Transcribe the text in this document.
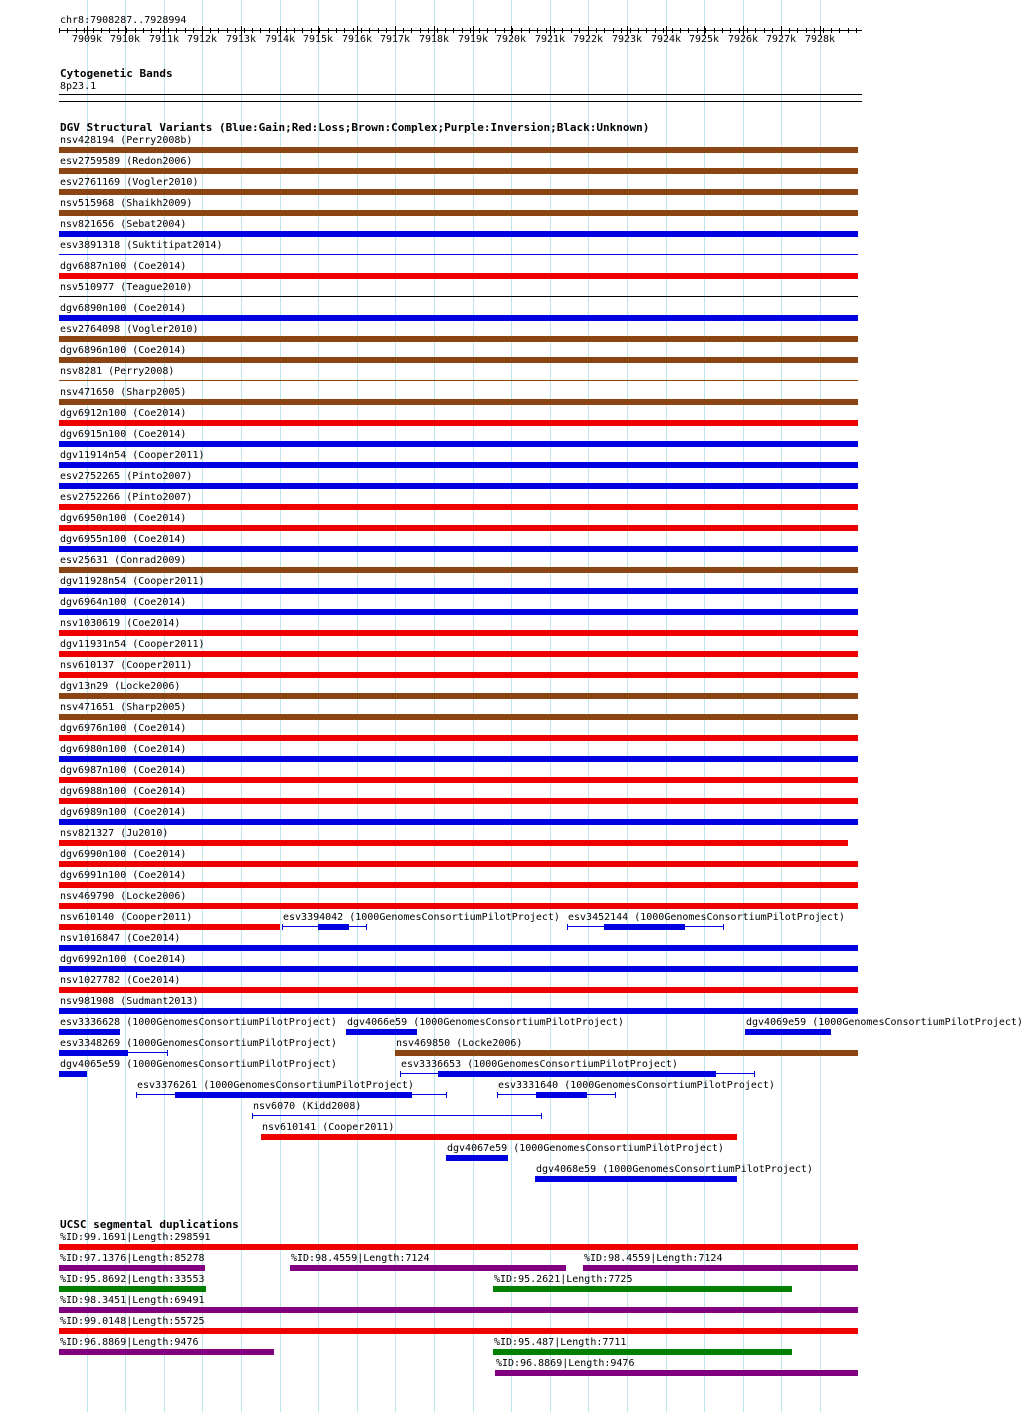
chr8:7908287..7928994
7909k 7910k 7911k 7912k 7913k 7914k 7915k 7916k 7917k 7918k 7919k 7920k 7921k 7922k 7923k 7924k 7925k 7926k 7927k 7928k
Cytogenetic Bands
8p23.1
DGV Structural Variants (Blue:Gain;Red:Loss;Brown:Complex;Purple:Inversion;Black:Unknown)
nsv428194 (Perry2008b)
esv2759589 (Redon2006)
esv2761169 (Vogler2010)
nsv515968 (Shaikh2009)
nsv821656 (Sebat2004)
esv3891318 (Suktitipat2014)
dgv6887n100 (Coe2014)
nsv510977 (Teague2010)
dgv6890n100 (Coe2014)
esv2764098 (Vogler2010)
dgv6896n100 (Coe2014)
nsv8281 (Perry2008)
nsv471650 (Sharp2005)
dgv6912n100 (Coe2014)
dgv6915n100 (Coe2014)
dgv11914n54 (Cooper2011)
esv2752265 (Pinto2007)
esv2752266 (Pinto2007)
dgv6950n100 (Coe2014)
dgv6955n100 (Coe2014)
esv25631 (Conrad2009)
dgv11928n54 (Cooper2011)
dgv6964n100 (Coe2014)
nsv1030619 (Coe2014)
dgv11931n54 (Cooper2011)
nsv610137 (Cooper2011)
dgv13n29 (Locke2006)
nsv471651 (Sharp2005)
dgv6976n100 (Coe2014)
dgv6980n100 (Coe2014)
dgv6987n100 (Coe2014)
dgv6988n100 (Coe2014)
dgv6989n100 (Coe2014)
nsv821327 (Ju2010)
dgv6990n100 (Coe2014)
dgv6991n100 (Coe2014)
nsv469790 (Locke2006)
nsv610140 (Cooper2011)	esv3394042 (1000GenomesConsortiumPilotProject) esv3452144 (1000GenomesConsortiumPilotProject)
nsv1016847 (Coe2014)
dgv6992n100 (Coe2014)
nsv1027782 (Coe2014)
nsv981908 (Sudmant2013)
esv3336628 (1000GenomesConsortiumPilotProject) dgv4066e59 (1000GenomesConsortiumPilotProject)	dgv4069e59 (1000GenomesConsortiumPilotProject)
esv3348269 (1000GenomesConsortiumPilotProject)	nsv469850 (Locke2006)
dgv4065e59 (1000GenomesConsortiumPilotProject)	esv3336653 (1000GenomesConsortiumPilotProject)
esv3376261 (1000GenomesConsortiumPilotProject)	esv3331640 (1000GenomesConsortiumPilotProject)
nsv6070 (Kidd2008)
nsv610141 (Cooper2011)
dgv4067e59 (1000GenomesConsortiumPilotProject)
dgv4068e59 (1000GenomesConsortiumPilotProject)
UCSC segmental duplications
%ID:99.1691|Length:298591
%ID:97.1376|Length:85278	%ID:98.4559|Length:7124	%ID:98.4559|Length:7124
%ID:95.8692|Length:33553	%ID:95.2621|Length:7725
%ID:98.3451|Length:69491
%ID:99.0148|Length:55725
%ID:96.8869|Length:9476	%ID:95.487|Length:7711
%ID:96.8869|Length:9476
